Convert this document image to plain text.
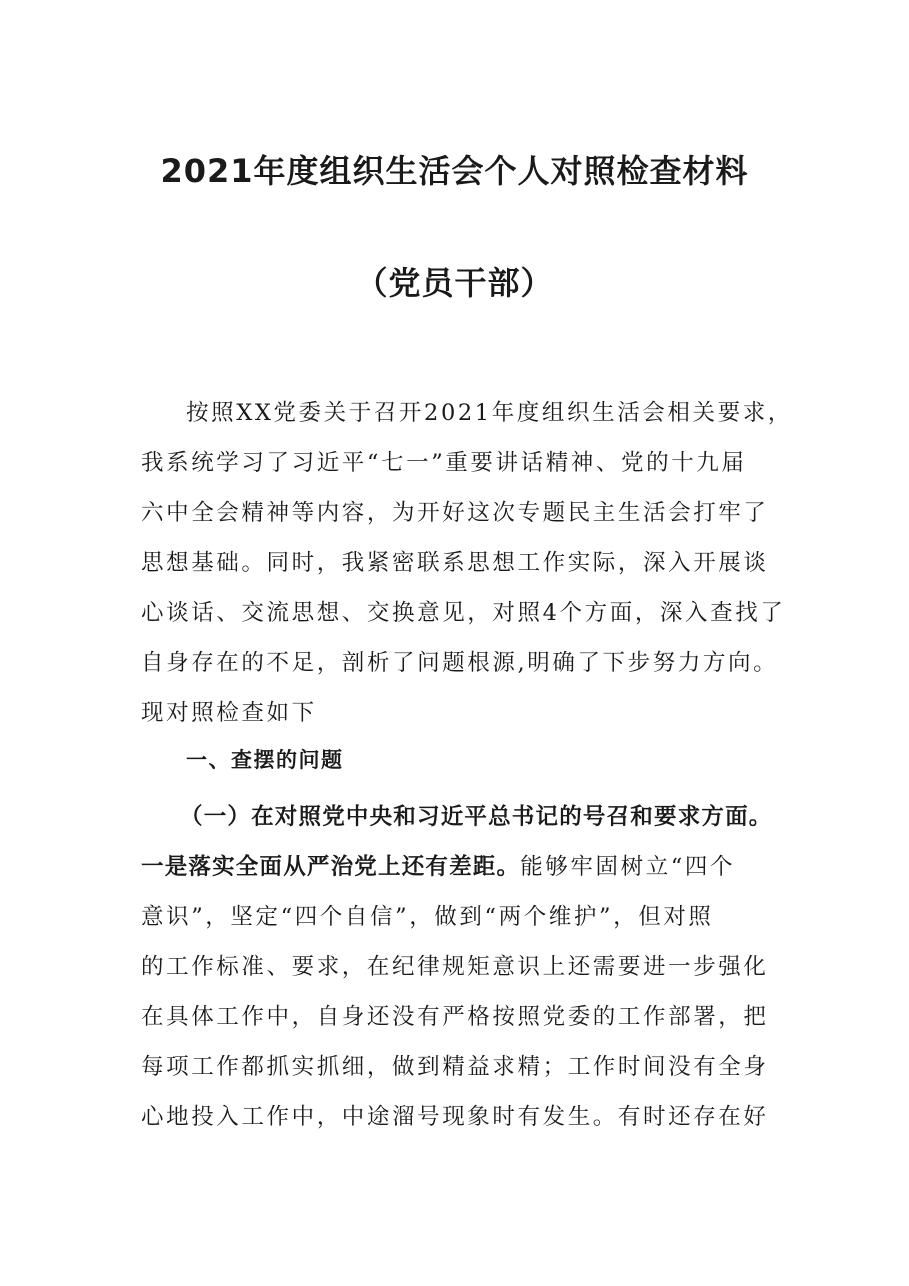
2021年度组织生活会个人对照检查材料
（党员干部）
按照XX党委关于召开2021年度组织生活会相关要求，
我系统学习了习近平“七一”重要讲话精神、党的十九届
六中全会精神等内容，为开好这次专题民主生活会打牢了
思想基础。同时，我紧密联系思想工作实际，深入开展谈
心谈话、交流思想、交换意见，对照4个方面，深入查找了
自身存在的不足，剖析了问题根源,明确了下步努力方向。
现对照检查如下
一、查摆的问题
（一）在对照党中央和习近平总书记的号召和要求方面。
一是落实全面从严治党上还有差距。能够牢固树立“四个
意识”，坚定“四个自信”，做到“两个维护”，但对照
的工作标准、要求，在纪律规矩意识上还需要进一步强化
在具体工作中，自身还没有严格按照党委的工作部署，把
每项工作都抓实抓细，做到精益求精；工作时间没有全身
心地投入工作中，中途溜号现象时有发生。有时还存在好
